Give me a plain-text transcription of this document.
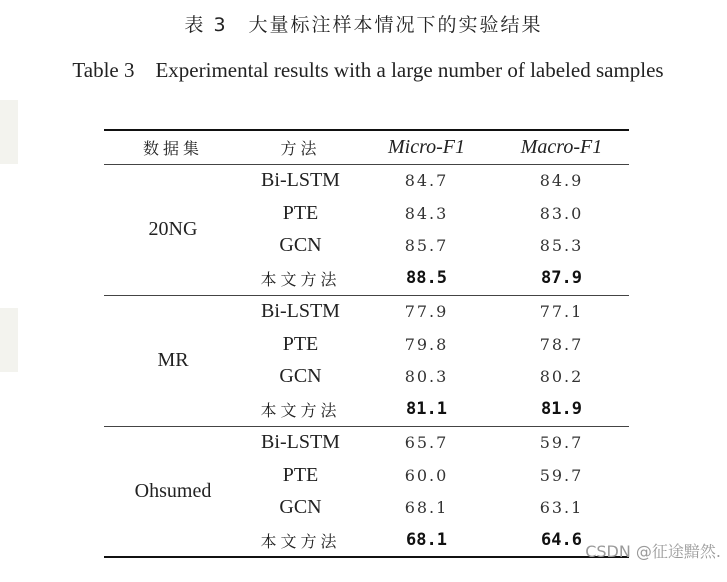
表 3　大量标注样本情况下的实验结果
Table 3　Experimental results with a large number of labeled samples
数据集	方法	Micro-F1	Macro-F1
20NG	Bi-LSTM	84.7	84.9
	PTE	84.3	83.0
	GCN	85.7	85.3
	本文方法	88.5	87.9
MR	Bi-LSTM	77.9	77.1
	PTE	79.8	78.7
	GCN	80.3	80.2
	本文方法	81.1	81.9
Ohsumed	Bi-LSTM	65.7	59.7
	PTE	60.0	59.7
	GCN	68.1	63.1
	本文方法	68.1	64.6
CSDN @征途黯然.
